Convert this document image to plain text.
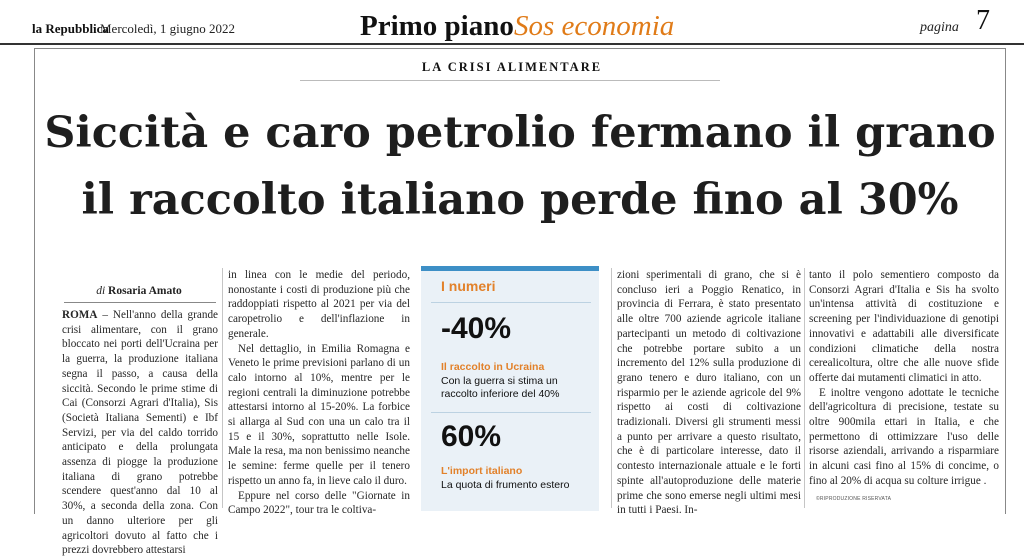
la Repubblica
Mercoledì, 1 giugno 2022	Primo piano Sos economia	pagina 7
LA CRISI ALIMENTARE
Siccità e caro petrolio fermano il grano
il raccolto italiano perde fino al 30%
di Rosaria Amato

ROMA – Nell'anno della grande crisi alimentare, con il grano bloccato nei porti dell'Ucraina per la guerra, la produzione italiana segna il passo, a causa della siccità. Secondo le prime stime di Cai (Consorzi Agrari d'Italia), Sis (Società Italiana Sementi) e Ibf Servizi, per via del caldo torrido anticipato e della prolungata assenza di piogge la produzione italiana di grano potrebbe scendere quest'anno dal 10 al 30%, a seconda della zona. Con un danno ulteriore per gli agricoltori dovuto al fatto che i prezzi dovrebbero attestarsi

in linea con le medie del periodo, nonostante i costi di produzione più che raddoppiati rispetto al 2021 per via del caropetrolio e dell'inflazione in generale.

Nel dettaglio, in Emilia Romagna e Veneto le prime previsioni parlano di un calo intorno al 10%, mentre per le regioni centrali la diminuzione potrebbe attestarsi intorno al 15-20%. La forbice si allarga al Sud con una un calo tra il 15 e il 30%, soprattutto nelle Isole. Male la resa, ma non benissimo neanche le semine: ferme quelle per il tenero rispetto un anno fa, in lieve calo il duro.

Eppure nel corso delle "Giornate in Campo 2022", tour tra le coltiva-

I numeri
-40%
Il raccolto in Ucraina
Con la guerra si stima un raccolto inferiore del 40%
60%
L'import italiano
La quota di frumento estero

zioni sperimentali di grano, che si è concluso ieri a Poggio Renatico, in provincia di Ferrara, è stato presentato alle oltre 700 aziende agricole italiane partecipanti un metodo di coltivazione che potrebbe portare subito a un incremento del 12% sulla produzione di grano tenero e duro italiano, con un risparmio per le aziende agricole del 9% rispetto ai costi di coltivazione tradizionali. Diversi gli strumenti messi a punto per arrivare a questo risultato, che è di particolare interesse, dato il contesto internazionale attuale e le forti spinte all'autoproduzione delle materie prime che sono emerse negli ultimi mesi in tutti i Paesi. In-

tanto il polo sementiero composto da Consorzi Agrari d'Italia e Sis ha svolto un'intensa attività di costituzione e screening per l'individuazione di genotipi innovativi e adattabili alle diversificate condizioni climatiche della nostra cerealicoltura, oltre che alle nuove sfide offerte dai mutamenti climatici in atto.

E inoltre vengono adottate le tecniche dell'agricoltura di precisione, testate su oltre 900mila ettari in Italia, e che permettono di ottimizzare l'uso delle risorse aziendali, arrivando a risparmiare in alcuni casi fino al 15% di concime, o fino al 20% di acqua su colture irrigue .

©RIPRODUZIONE RISERVATA
